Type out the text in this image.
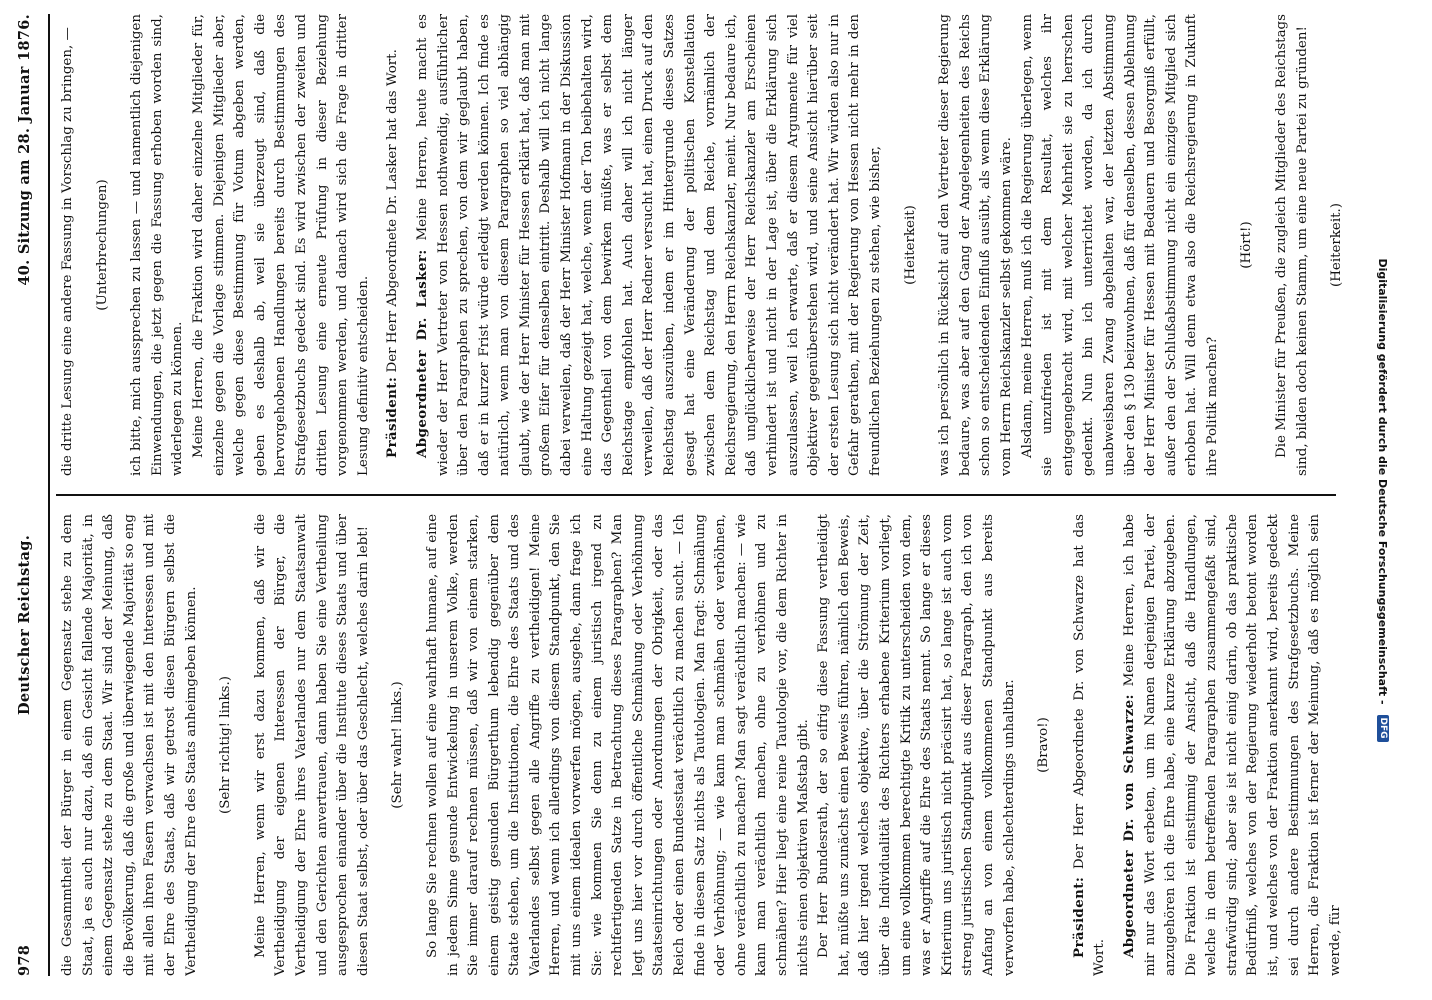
978
Deutscher Reichstag.
40. Sitzung am 28. Januar 1876.

die Gesammtheit der Bürger in einem Gegensatz stehe zu dem Staat, ja es auch nur dazu, daß ein Gesicht fallende Majorität, in einem Gegensatz stehe zu dem Staat. Wir sind der Meinung, daß die Bevölkerung, daß die große und überwiegende Majorität so eng mit allen ihren Fasern verwachsen ist mit den Interessen und mit der Ehre des Staats, daß wir getrost diesen Bürgern selbst die Vertheidigung der Ehre des Staats anheimgeben können. (Sehr richtig! links.) Meine Herren, wenn wir erst dazu kommen, daß wir die Vertheidigung der eigenen Interessen der Bürger, die Vertheidigung der Ehre ihres Vaterlandes nur dem Staatsanwalt und den Gerichten anvertrauen, dann haben Sie eine Vertheilung ausgesprochen einander über die Institute dieses Staats und über diesen Staat selbst, oder über das Geschlecht, welches darin lebt! (Sehr wahr! links.) So lange Sie rechnen wollen auf eine wahrhaft humane, auf eine in jedem Sinne gesunde Entwickelung in unserem Volke, werden Sie immer darauf rechnen müssen, daß wir von einem starken, einem geistig gesunden Bürgerthum lebendig gegenüber dem Staate stehen, um die Institutionen, die Ehre des Staats und des Vaterlandes selbst gegen alle Angriffe zu vertheidigen! Meine Herren, und wenn ich allerdings von diesem Standpunkt, den Sie mit uns einem idealen vorwerfen mögen, ausgehe, dann frage ich Sie: wie kommen Sie denn zu einem juristisch irgend zu rechtfertigenden Satze in Betrachtung dieses Paragraphen? Man legt uns hier vor durch öffentliche Schmähung oder Verhöhnung Staatseinrichtungen oder Anordnungen der Obrigkeit, oder das Reich oder einen Bundesstaat verächtlich zu machen sucht. — Ich finde in diesem Satz nichts als Tautologien. Man fragt: Schmähung oder Verhöhnung; — wie kann man schmähen oder verhöhnen, ohne verächtlich zu machen? Man sagt verächtlich machen: — wie kann man verächtlich machen, ohne zu verhöhnen und zu schmähen? Hier liegt eine reine Tautologie vor, die dem Richter in nichts einen objektiven Maßstab gibt. Der Herr Bundesrath, der so eifrig diese Fassung vertheidigt hat, müßte uns zunächst einen Beweis führen, nämlich den Beweis, daß hier irgend welches objektive, über die Strömung der Zeit, über die Individualität des Richters erhabene Kriterium vorliegt, um eine vollkommen berechtigte Kritik zu unterscheiden von dem, was er Angriffe auf die Ehre des Staats nennt. So lange er dieses Kriterium uns juristisch nicht präcisirt hat, so lange ist auch vom streng juristischen Standpunkt aus dieser Paragraph, den ich von Anfang an von einem vollkommenen Standpunkt aus bereits verworfen habe, schlechterdings unhaltbar. (Bravo!)

Präsident: Der Herr Abgeordnete Dr. von Schwarze hat das Wort. Abgeordneter Dr. von Schwarze: Meine Herren, ich habe mir nur das Wort erbeten, um im Namen derjenigen Partei, der anzugehören ich die Ehre habe, eine kurze Erklärung abzugeben. Die Fraktion ist einstimmig der Ansicht, daß die Handlungen, welche in dem betreffenden Paragraphen zusammengefaßt sind, strafwürdig sind; aber sie ist nicht einig darin, ob das praktische Bedürfniß, welches von der Regierung wiederholt betont worden ist, und welches von der Fraktion anerkannt wird, bereits gedeckt sei durch andere Bestimmungen des Strafgesetzbuchs. Meine Herren, die Fraktion ist ferner der Meinung, daß es möglich sein werde, für

die dritte Lesung eine andere Fassung in Vorschlag zu bringen, — (Unterbrechungen) ich bitte, mich aussprechen zu lassen — und namentlich diejenigen Einwendungen, die jetzt gegen die Fassung erhoben worden sind, widerlegen zu können. Meine Herren, die Fraktion wird daher einzelne Mitglieder für, einzelne gegen die Vorlage stimmen. Diejenigen Mitglieder aber, welche gegen diese Bestimmung für Votum abgeben werden, geben es deshalb ab, weil sie überzeugt sind, daß die hervorgehobenen Handlungen bereits durch Bestimmungen des Strafgesetzbuchs gedeckt sind. Es wird zwischen der zweiten und dritten Lesung eine erneute Prüfung in dieser Beziehung vorgenommen werden, und danach wird sich die Frage in dritter Lesung definitiv entscheiden. Präsident: Der Herr Abgeordnete Dr. Lasker hat das Wort. Abgeordneter Dr. Lasker: Meine Herren, heute macht es wieder der Herr Vertreter von Hessen nothwendig, ausführlicher über den Paragraphen zu sprechen, von dem wir geglaubt haben, daß er in kurzer Frist würde erledigt werden können. Ich finde es natürlich, wenn man von diesem Paragraphen so viel abhängig glaubt, wie der Herr Minister für Hessen erklärt hat, daß man mit großem Eifer für denselben eintritt. Deshalb will ich nicht lange dabei verweilen, daß der Herr Minister Hofmann in der Diskussion eine Haltung gezeigt hat, welche, wenn der Ton beibehalten wird, das Gegentheil von dem bewirken müßte, was er selbst dem Reichstage empfohlen hat. Auch daher will ich nicht länger verweilen, daß der Herr Redner versucht hat, einen Druck auf den Reichstag auszuüben, indem er im Hintergrunde dieses Satzes gesagt hat eine Veränderung der politischen Konstellation zwischen dem Reichstag und dem Reiche, vornämlich der Reichsregierung, den Herrn Reichskanzler, meint. Nur bedaure ich, daß unglücklicherweise der Herr Reichskanzler am Erscheinen verhindert ist und nicht in der Lage ist, über die Erklärung sich auszulassen, weil ich erwarte, daß er diesem Argumente für viel objektiver gegenüberstehen wird, und seine Ansicht hierüber seit der ersten Lesung sich nicht verändert hat. Wir würden also nur in Gefahr gerathen, mit der Regierung von Hessen nicht mehr in den freundlichen Beziehungen zu stehen, wie bisher, (Heiterkeit) was ich persönlich in Rücksicht auf den Vertreter dieser Regierung bedaure, was aber auf den Gang der Angelegenheiten des Reichs schon so entscheidenden Einfluß ausübt, als wenn diese Erklärung vom Herrn Reichskanzler selbst gekommen wäre. Alsdann, meine Herren, muß ich die Regierung überlegen, wenn sie unzufrieden ist mit dem Resultat, welches ihr entgegengebracht wird, mit welcher Mehrheit sie zu herrschen gedenkt. Nun bin ich unterrichtet worden, da ich durch unabweisbaren Zwang abgehalten war, der letzten Abstimmung über den § 130 beizuwohnen, daß für denselben, dessen Ablehnung der Herr Minister für Hessen mit Bedauern und Besorgniß erfüllt, außer den der Schlußabstimmung nicht ein einziges Mitglied sich erhoben hat. Will denn etwa also die Reichsregierung in Zukunft ihre Politik machen?

(Hört!) Die Minister für Preußen, die zugleich Mitglieder des Reichstags sind, bilden doch keinen Stamm, um eine neue Partei zu gründen! (Heiterkeit.)

Digitalisierung gefördert durch die Deutsche Forschungsgemeinschaft -
DFG
